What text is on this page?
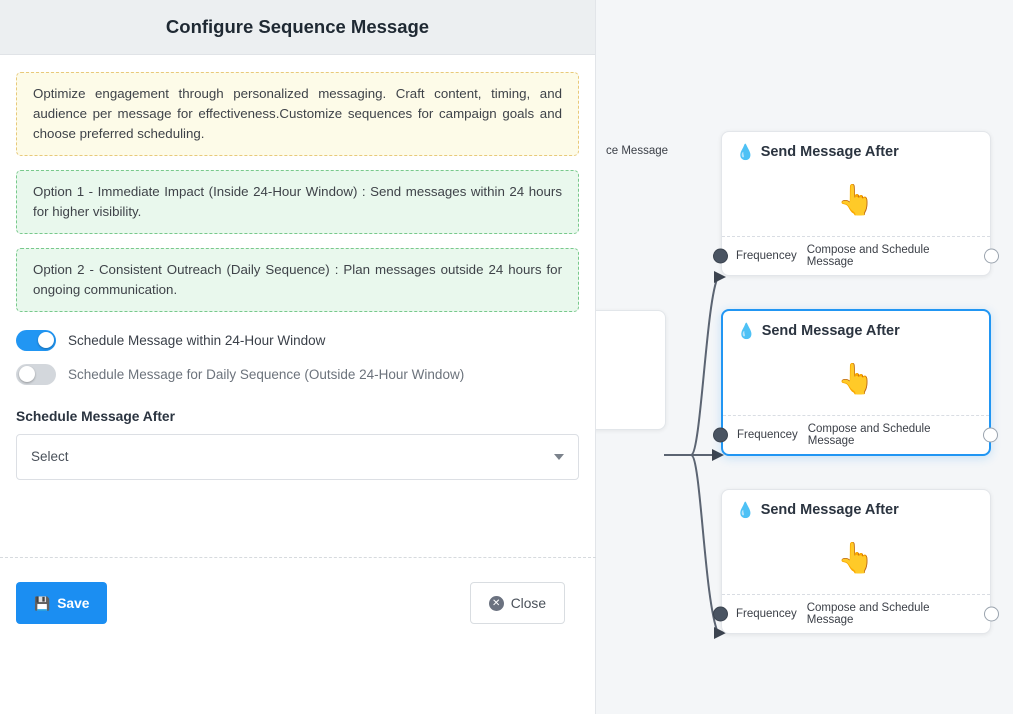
ce Message	💧 Send Message After
👆
Frequencey Compose and Schedule Message
💧 Send Message After
👆
Frequencey Compose and Schedule Message
💧 Send Message After
👆
Frequencey Compose and Schedule Message
Configure Sequence Message
Optimize engagement through personalized messaging. Craft content, timing, and audience per message for effectiveness.Customize sequences for campaign goals and choose preferred scheduling.
Option 1 - Immediate Impact (Inside 24-Hour Window) : Send messages within 24 hours for higher visibility.
Option 2 - Consistent Outreach (Daily Sequence) : Plan messages outside 24 hours for ongoing communication.
Schedule Message within 24-Hour Window
Schedule Message for Daily Sequence (Outside 24-Hour Window)
Schedule Message After
Select
💾 Save	✕ Close
